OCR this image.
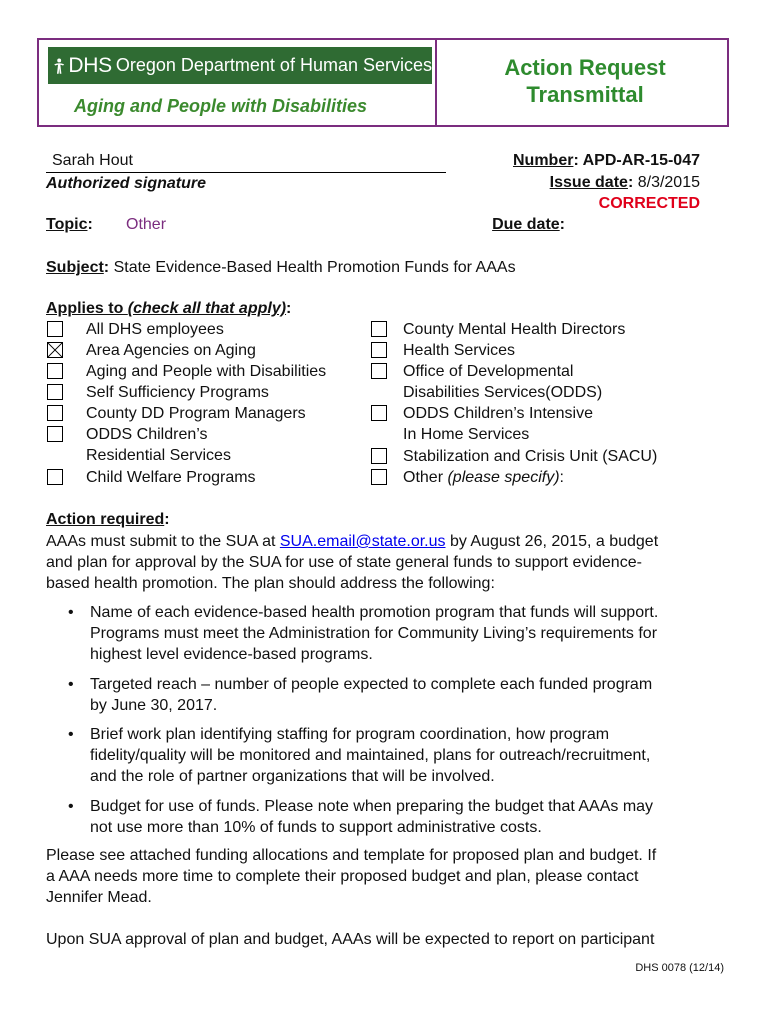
DHS Oregon Department of Human Services
Aging and People with Disabilities
Action Request
Transmittal
Sarah Hout
Authorized signature
Number: APD-AR-15-047
Issue date: 8/3/2015
CORRECTED
Due date:
Topic: Other
Subject: State Evidence-Based Health Promotion Funds for AAAs
Applies to (check all that apply):
All DHS employees
Area Agencies on Aging
Aging and People with Disabilities
Self Sufficiency Programs
County DD Program Managers
ODDS Children’s
Residential Services
Child Welfare Programs
County Mental Health Directors
Health Services
Office of Developmental
Disabilities Services(ODDS)
ODDS Children’s Intensive
In Home Services
Stabilization and Crisis Unit (SACU)
Other (please specify):
Action required:
AAAs must submit to the SUA at SUA.email@state.or.us by August 26, 2015, a budget
and plan for approval by the SUA for use of state general funds to support evidence-
based health promotion. The plan should address the following:
• Name of each evidence-based health promotion program that funds will support.
Programs must meet the Administration for Community Living’s requirements for
highest level evidence-based programs.
• Targeted reach – number of people expected to complete each funded program
by June 30, 2017.
• Brief work plan identifying staffing for program coordination, how program
fidelity/quality will be monitored and maintained, plans for outreach/recruitment,
and the role of partner organizations that will be involved.
• Budget for use of funds. Please note when preparing the budget that AAAs may
not use more than 10% of funds to support administrative costs.
Please see attached funding allocations and template for proposed plan and budget. If
a AAA needs more time to complete their proposed budget and plan, please contact
Jennifer Mead.
Upon SUA approval of plan and budget, AAAs will be expected to report on participant
DHS 0078 (12/14)
